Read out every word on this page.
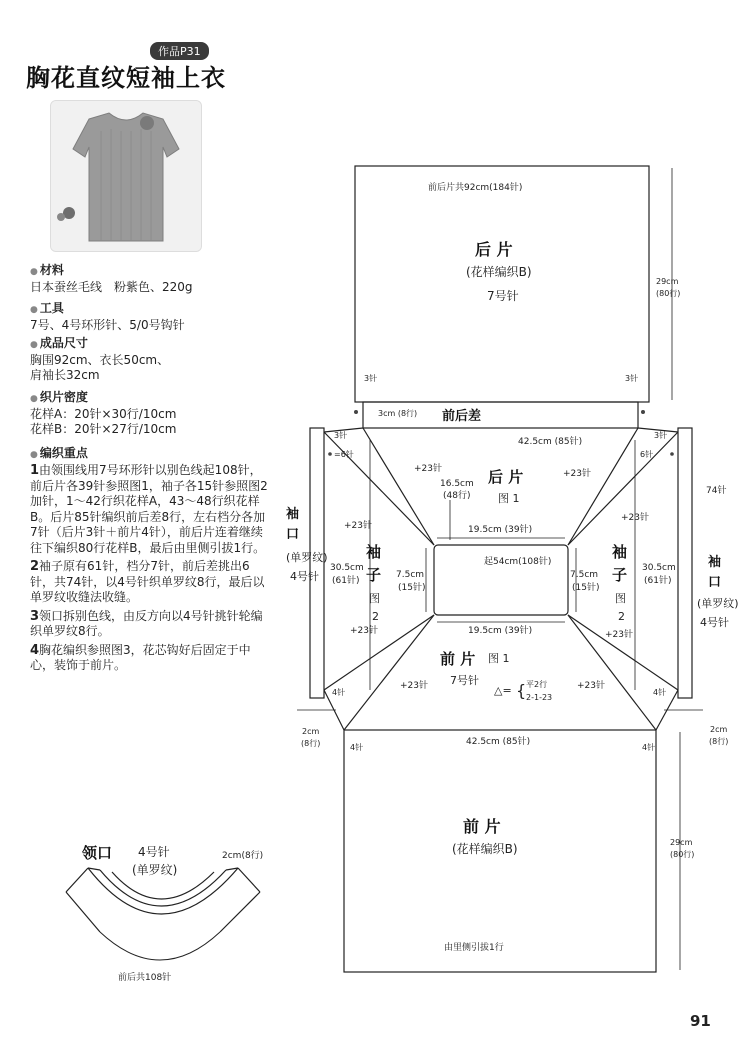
作品P31
胸花直纹短袖上衣
● 材料
日本蚕丝毛线　粉紫色、220g
● 工具
7号、4号环形针、5/0号钩针
● 成品尺寸
胸围92cm、衣长50cm、
肩袖长32cm
● 织片密度
花样A：20针×30行/10cm
花样B：20针×27行/10cm
● 编织重点
1由领围线用7号环形针以别色线起108针，前后片各39针参照图1，袖子各15针参照图2加针，1～42行织花样A，43～48行织花样B。后片85针编织前后差8行，左右档分各加7针（后片3针＋前片4针），前后片连着继续往下编织80行花样B，最后由里侧引拔1行。
2袖子原有61针，档分7针，前后差挑出6针，共74针，以4号针织单罗纹8行，最后以单罗纹收缝法收缝。
3领口拆别色线，由反方向以4号针挑针轮编织单罗纹8行。
4胸花编织参照图3，花芯钩好后固定于中心，装饰于前片。
领口 4号针
(单罗纹)
2cm(8行)
前后共108针
后 片
(花样编织B)
7号针
前后片共92cm(184针)
29cm
(80行)
3针	3针
前后差
3cm (8行)
42.5cm (85针)
后 片
图 1
16.5cm
(48行)
+23针	+23针
+23针
+23针
+23针	+23针
+23针	+23针
19.5cm (39针)
起54cm(108针)
19.5cm (39针)
7.5cm
(15针)
7.5cm
(15针)
袖
子
图
2
30.5cm
(61针)
袖
子
图
2
30.5cm
(61针)
袖
口
(单罗纹)
4号针
3针
=6针
4针
2cm
(8行)
74针
袖
口
(单罗纹)
4号针
3针
6针
4针
2cm
(8行)
前 片 图 1
7号针
△= { 平2行
2-1-23
42.5cm (85针)
4针	4针
前 片
(花样编织B)	29cm
(80行)
由里侧引拔1行
91
